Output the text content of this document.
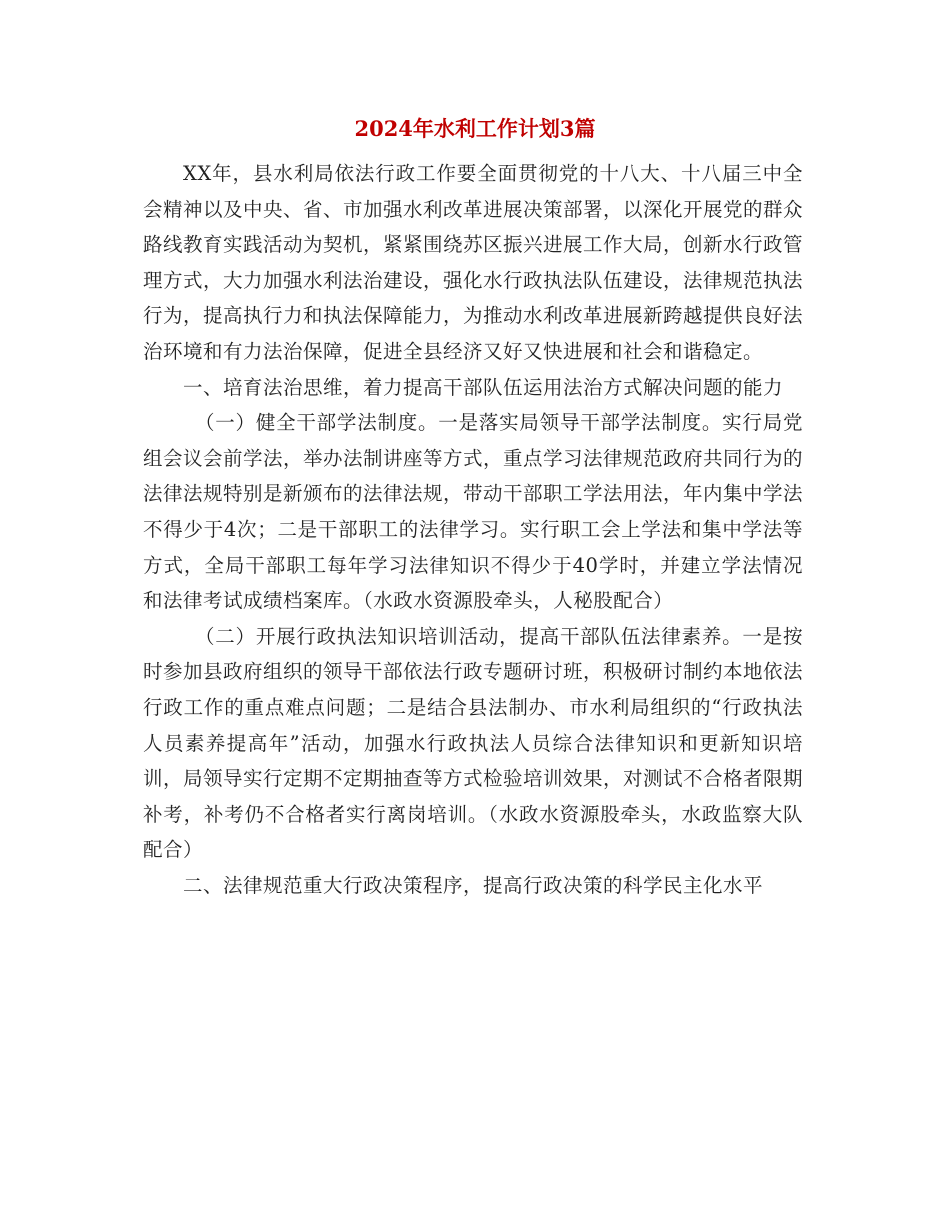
2024年水利工作计划3篇

XX年，县水利局依法行政工作要全面贯彻党的十八大、十八届三中全会精神以及中央、省、市加强水利改革进展决策部署，以深化开展党的群众路线教育实践活动为契机，紧紧围绕苏区振兴进展工作大局，创新水行政管理方式，大力加强水利法治建设，强化水行政执法队伍建设，法律规范执法行为，提高执行力和执法保障能力，为推动水利改革进展新跨越提供良好法治环境和有力法治保障，促进全县经济又好又快进展和社会和谐稳定。

一、培育法治思维，着力提高干部队伍运用法治方式解决问题的能力

（一）健全干部学法制度。一是落实局领导干部学法制度。实行局党组会议会前学法，举办法制讲座等方式，重点学习法律规范政府共同行为的法律法规特别是新颁布的法律法规，带动干部职工学法用法，年内集中学法不得少于4次；二是干部职工的法律学习。实行职工会上学法和集中学法等方式，全局干部职工每年学习法律知识不得少于40学时，并建立学法情况和法律考试成绩档案库。（水政水资源股牵头，人秘股配合）

（二）开展行政执法知识培训活动，提高干部队伍法律素养。一是按时参加县政府组织的领导干部依法行政专题研讨班，积极研讨制约本地依法行政工作的重点难点问题；二是结合县法制办、市水利局组织的“行政执法人员素养提高年”活动，加强水行政执法人员综合法律知识和更新知识培训，局领导实行定期不定期抽查等方式检验培训效果，对测试不合格者限期补考，补考仍不合格者实行离岗培训。（水政水资源股牵头，水政监察大队配合）

二、法律规范重大行政决策程序，提高行政决策的科学民主化水平
